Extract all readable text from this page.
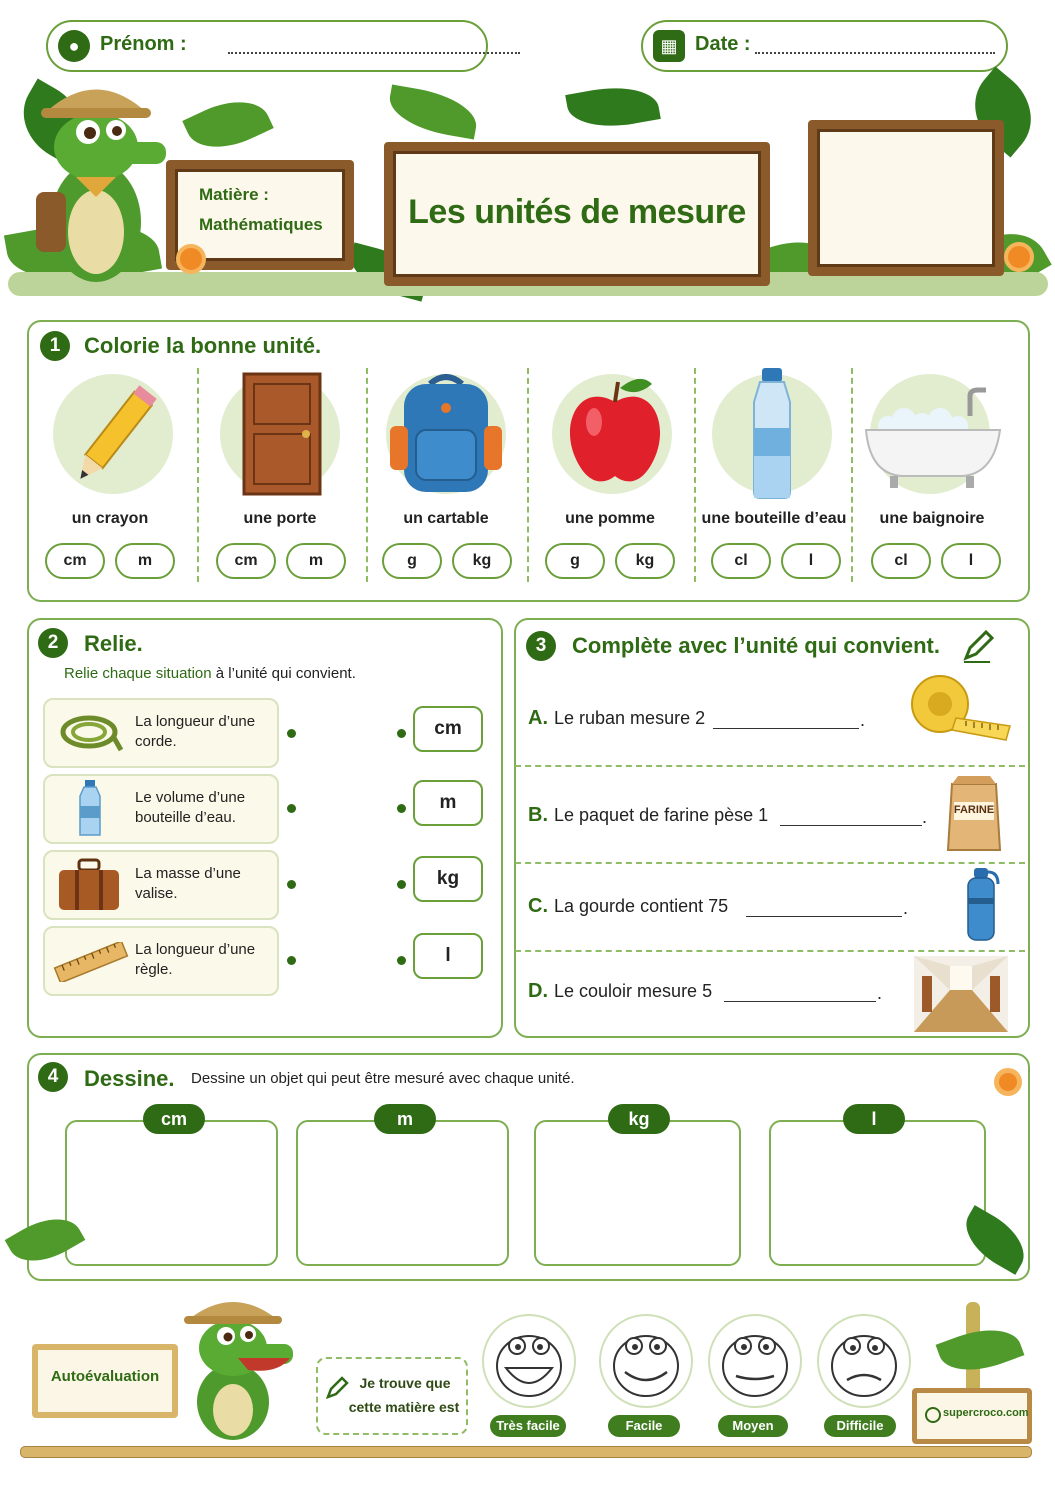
●	Prénom :	▦ Date :
Matière :
Mathématiques	Les unités de mesure
1	Colorie la bonne unité.
un crayon
cm	m
une porte
cm	m
un cartable
g	kg
une pomme
g	kg
une bouteille d’eau
cl	l
une baignoire
cl	l
2	Relie.
Relie chaque situation à l’unité qui convient.
La longueur d’une corde.
Le volume d’une bouteille d’eau.
La masse d’une valise.
La longueur d’une règle.
cm
m
kg
l
3	Complète avec l’unité qui convient.
A. Le ruban mesure 2	.
B. Le paquet de farine pèse 1	.	FARINE
C. La gourde contient 75	.
D. Le couloir mesure 5	.
4	Dessine. Dessine un objet qui peut être mesuré avec chaque unité.
cm	m	kg	l
Autoévaluation	Je trouve que
cette matière est
Très facile	Facile	Moyen	Difficile
supercroco.com
